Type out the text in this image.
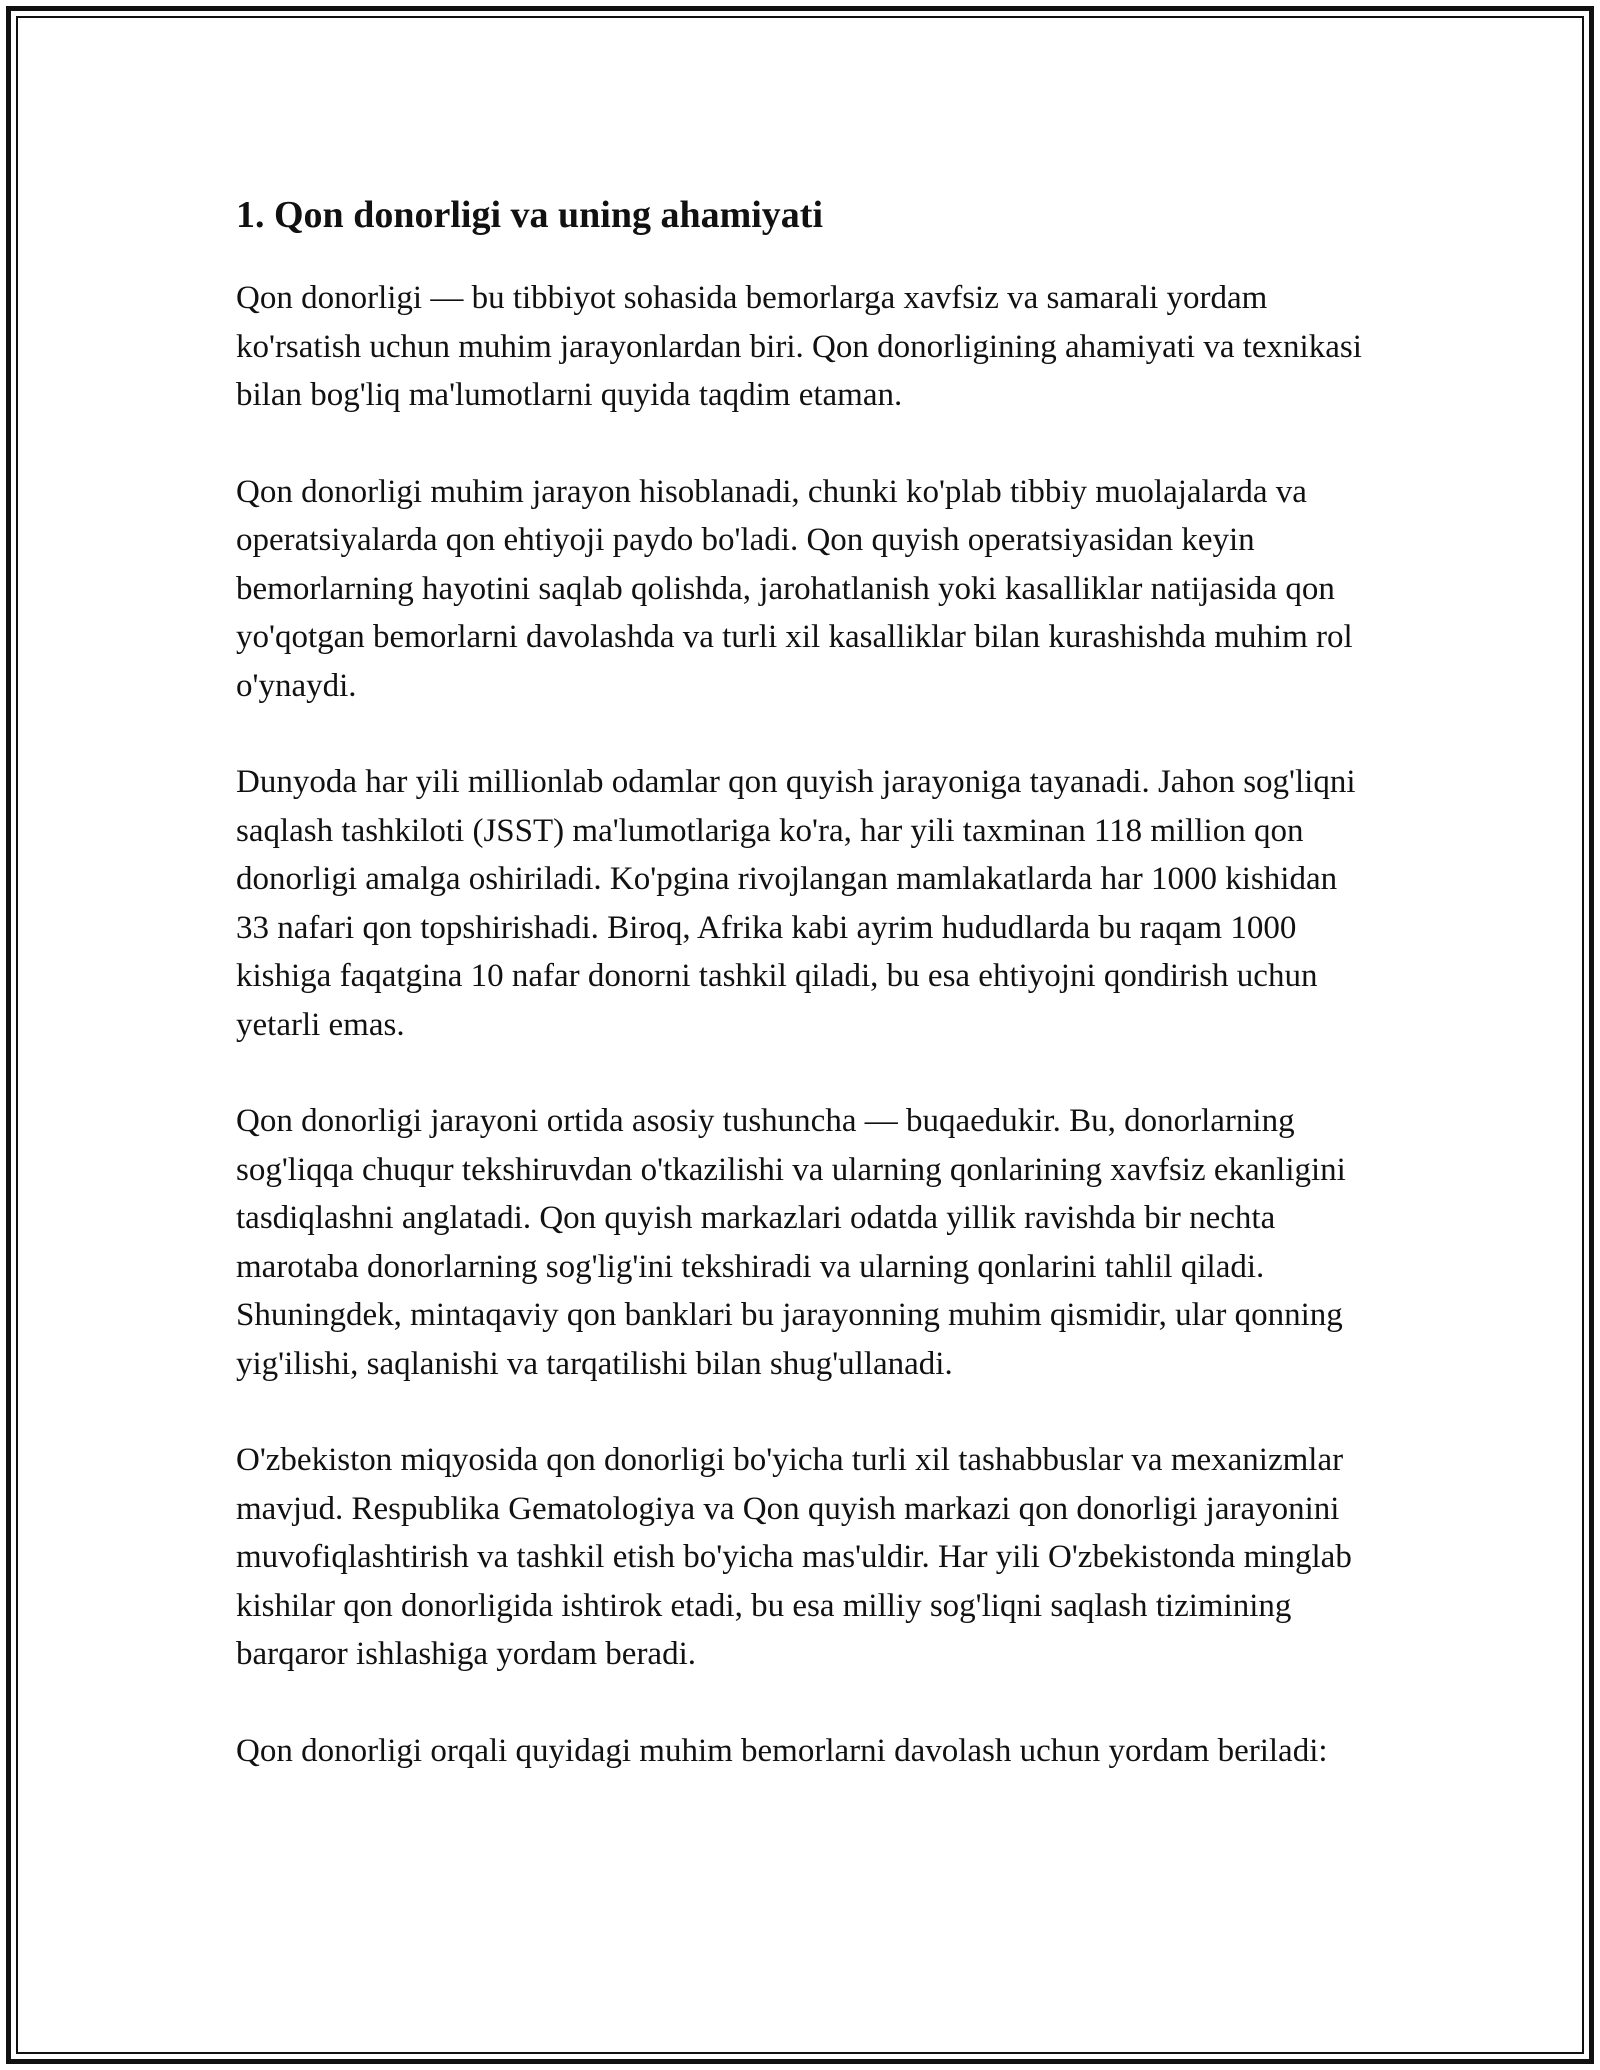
1. Qon donorligi va uning ahamiyati

Qon donorligi — bu tibbiyot sohasida bemorlarga xavfsiz va samarali yordam ko'rsatish uchun muhim jarayonlardan biri. Qon donorligining ahamiyati va texnikasi bilan bog'liq ma'lumotlarni quyida taqdim etaman.

Qon donorligi muhim jarayon hisoblanadi, chunki ko'plab tibbiy muolajalarda va operatsiyalarda qon ehtiyoji paydo bo'ladi. Qon quyish operatsiyasidan keyin bemorlarning hayotini saqlab qolishda, jarohatlanish yoki kasalliklar natijasida qon yo'qotgan bemorlarni davolashda va turli xil kasalliklar bilan kurashishda muhim rol o'ynaydi.

Dunyoda har yili millionlab odamlar qon quyish jarayoniga tayanadi. Jahon sog'liqni saqlash tashkiloti (JSST) ma'lumotlariga ko'ra, har yili taxminan 118 million qon donorligi amalga oshiriladi. Ko'pgina rivojlangan mamlakatlarda har 1000 kishidan 33 nafari qon topshirishadi. Biroq, Afrika kabi ayrim hududlarda bu raqam 1000 kishiga faqatgina 10 nafar donorni tashkil qiladi, bu esa ehtiyojni qondirish uchun yetarli emas.

Qon donorligi jarayoni ortida asosiy tushuncha — buqaedukir. Bu, donorlarning sog'liqqa chuqur tekshiruvdan o'tkazilishi va ularning qonlarining xavfsiz ekanligini tasdiqlashni anglatadi. Qon quyish markazlari odatda yillik ravishda bir nechta marotaba donorlarning sog'lig'ini tekshiradi va ularning qonlarini tahlil qiladi. Shuningdek, mintaqaviy qon banklari bu jarayonning muhim qismidir, ular qonning yig'ilishi, saqlanishi va tarqatilishi bilan shug'ullanadi.

O'zbekiston miqyosida qon donorligi bo'yicha turli xil tashabbuslar va mexanizmlar mavjud. Respublika Gematologiya va Qon quyish markazi qon donorligi jarayonini muvofiqlashtirish va tashkil etish bo'yicha mas'uldir. Har yili O'zbekistonda minglab kishilar qon donorligida ishtirok etadi, bu esa milliy sog'liqni saqlash tizimining barqaror ishlashiga yordam beradi.

Qon donorligi orqali quyidagi muhim bemorlarni davolash uchun yordam beriladi:
